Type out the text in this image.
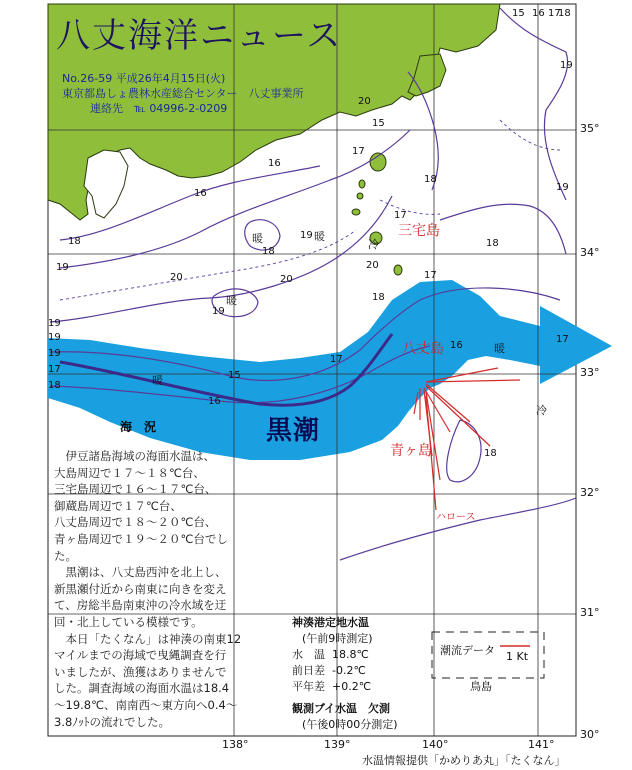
八丈海洋ニュース
No.26-59 平成26年4月15日(火)
東京都島しょ農林水産総合センター　八丈事業所
連絡先　℡ 04996-2-0209
黒潮
三宅島
八丈島
青ヶ島
ハロース
鳥島
海　況
　伊豆諸島海域の海面水温は、
大島周辺で１７～１８℃台、
三宅島周辺で１６～１７℃台、
御蔵島周辺で１７℃台、
八丈島周辺で１８～２０℃台、
青ヶ島周辺で１９～２０℃台でし
た。
　黒潮は、八丈島西沖を北上し、
新黒瀬付近から南東に向きを変え
て、房総半島南東沖の冷水域を迂
回・北上している模様です。
　本日「たくなん」は神湊の南東12
マイルまでの海域で曳縄調査を行
いましたが、漁獲はありませんで
した。調査海域の海面水温は18.4
～19.8℃、南南西～東方向へ0.4～
3.8ﾉｯﾄの流れでした。
神湊港定地水温
(午前9時測定)
水　温 18.8℃
前日差 -0.2℃
平年差 +0.2℃
観測ブイ水温　欠測
(午後0時00分測定)
潮流データ 1 Kt
138°	139°	140°	141°
35°
34°
33°
32°
31°
30°
15 16 17
18
19
20
15
16
17
18
19
16
17
18
19
20
18
19
20
17
18
19
20
18
19
19
19
17
18
16
17
15
16
17
18
暖
暖
暖
暖
暖
冷
冷
水温情報提供「かめりあ丸」「たくなん」
